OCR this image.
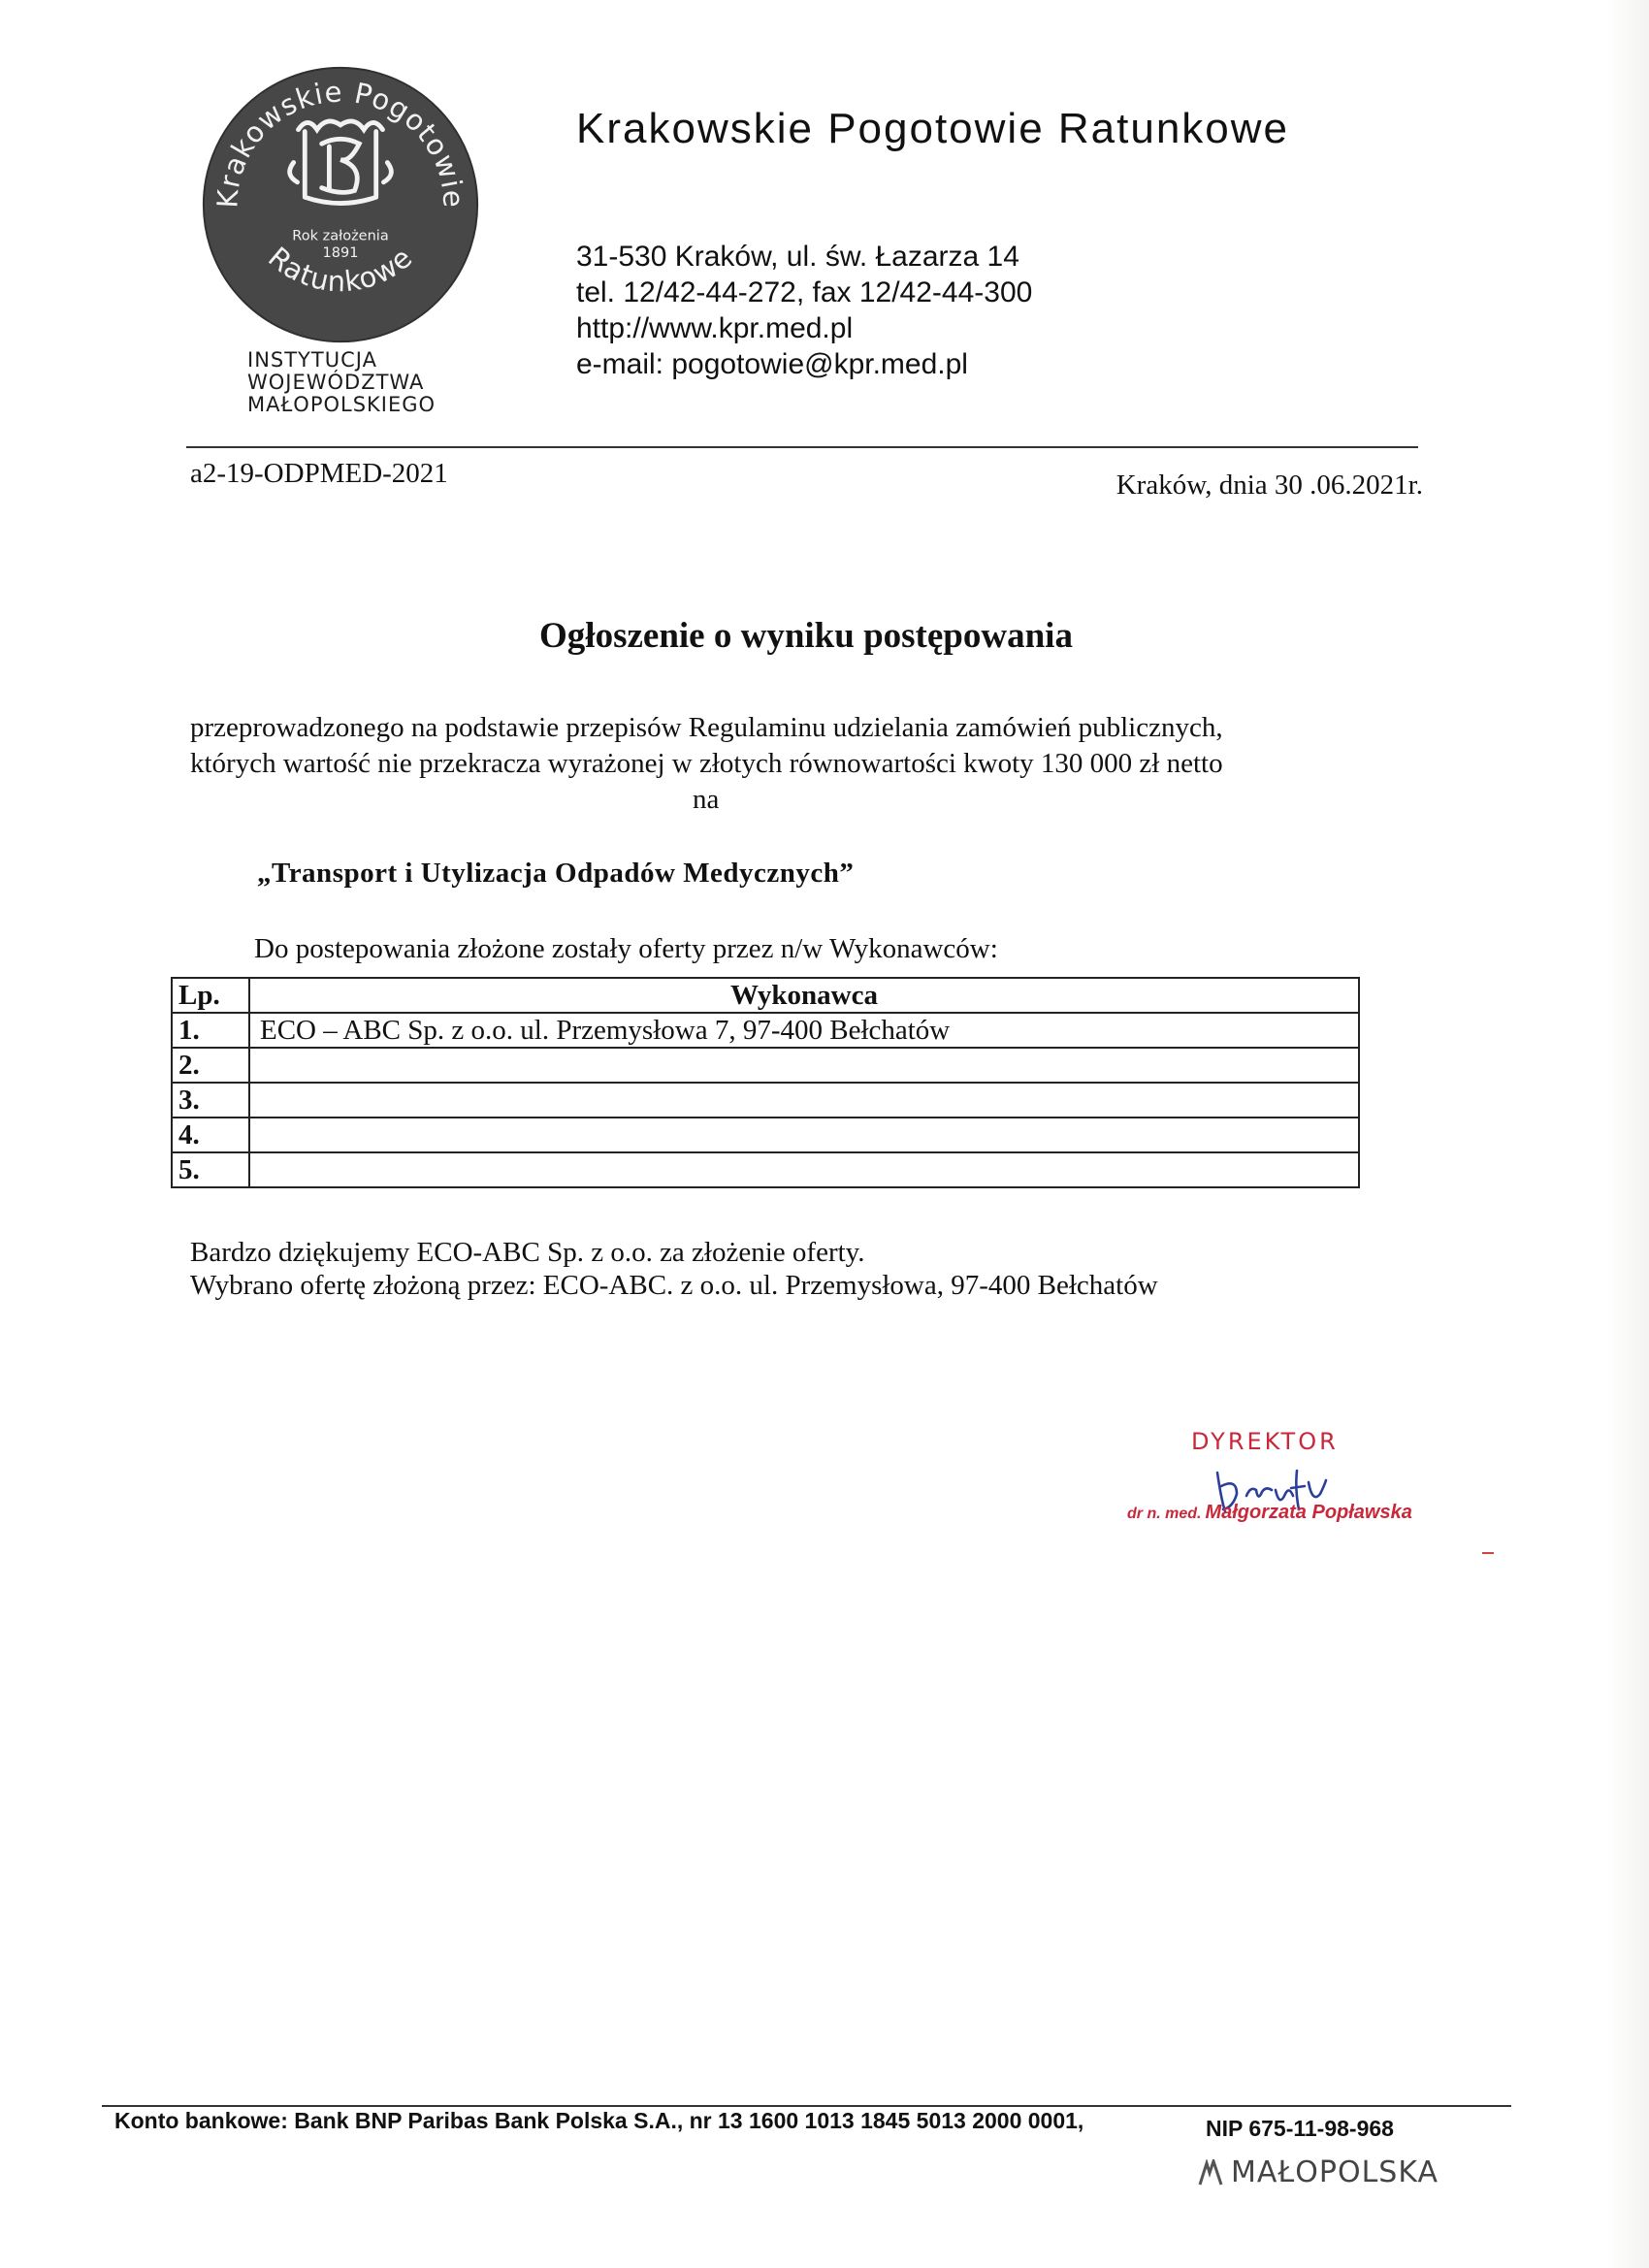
Krakowskie Pogotowie
Ratunkowe
Rok założenia
1891
INSTYTUCJA
WOJEWÓDZTWA
MAŁOPOLSKIEGO
Krakowskie Pogotowie Ratunkowe
31-530 Kraków, ul. św. Łazarza 14
tel. 12/42-44-272, fax 12/42-44-300
http://www.kpr.med.pl
e-mail: pogotowie@kpr.med.pl
a2-19-ODPMED-2021	Kraków, dnia 30 .06.2021r.
Ogłoszenie o wyniku postępowania
przeprowadzonego na podstawie przepisów Regulaminu udzielania zamówień publicznych,
których wartość nie przekracza wyrażonej w złotych równowartości kwoty 130 000 zł netto
na
„Transport i Utylizacja Odpadów Medycznych”
Do postepowania złożone zostały oferty przez n/w Wykonawców:
Lp.	Wykonawca
1.	ECO – ABC Sp. z o.o. ul. Przemysłowa 7, 97-400 Bełchatów
2.	
3.	
4.	
5.	
Bardzo dziękujemy ECO-ABC Sp. z o.o. za złożenie oferty.
Wybrano ofertę złożoną przez: ECO-ABC. z o.o. ul. Przemysłowa, 97-400 Bełchatów
DYREKTOR
dr n. med. Małgorzata Popławska
Konto bankowe: Bank BNP Paribas Bank Polska S.A., nr 13 1600 1013 1845 5013 2000 0001,	NIP 675-11-98-968
MAŁOPOLSKA
